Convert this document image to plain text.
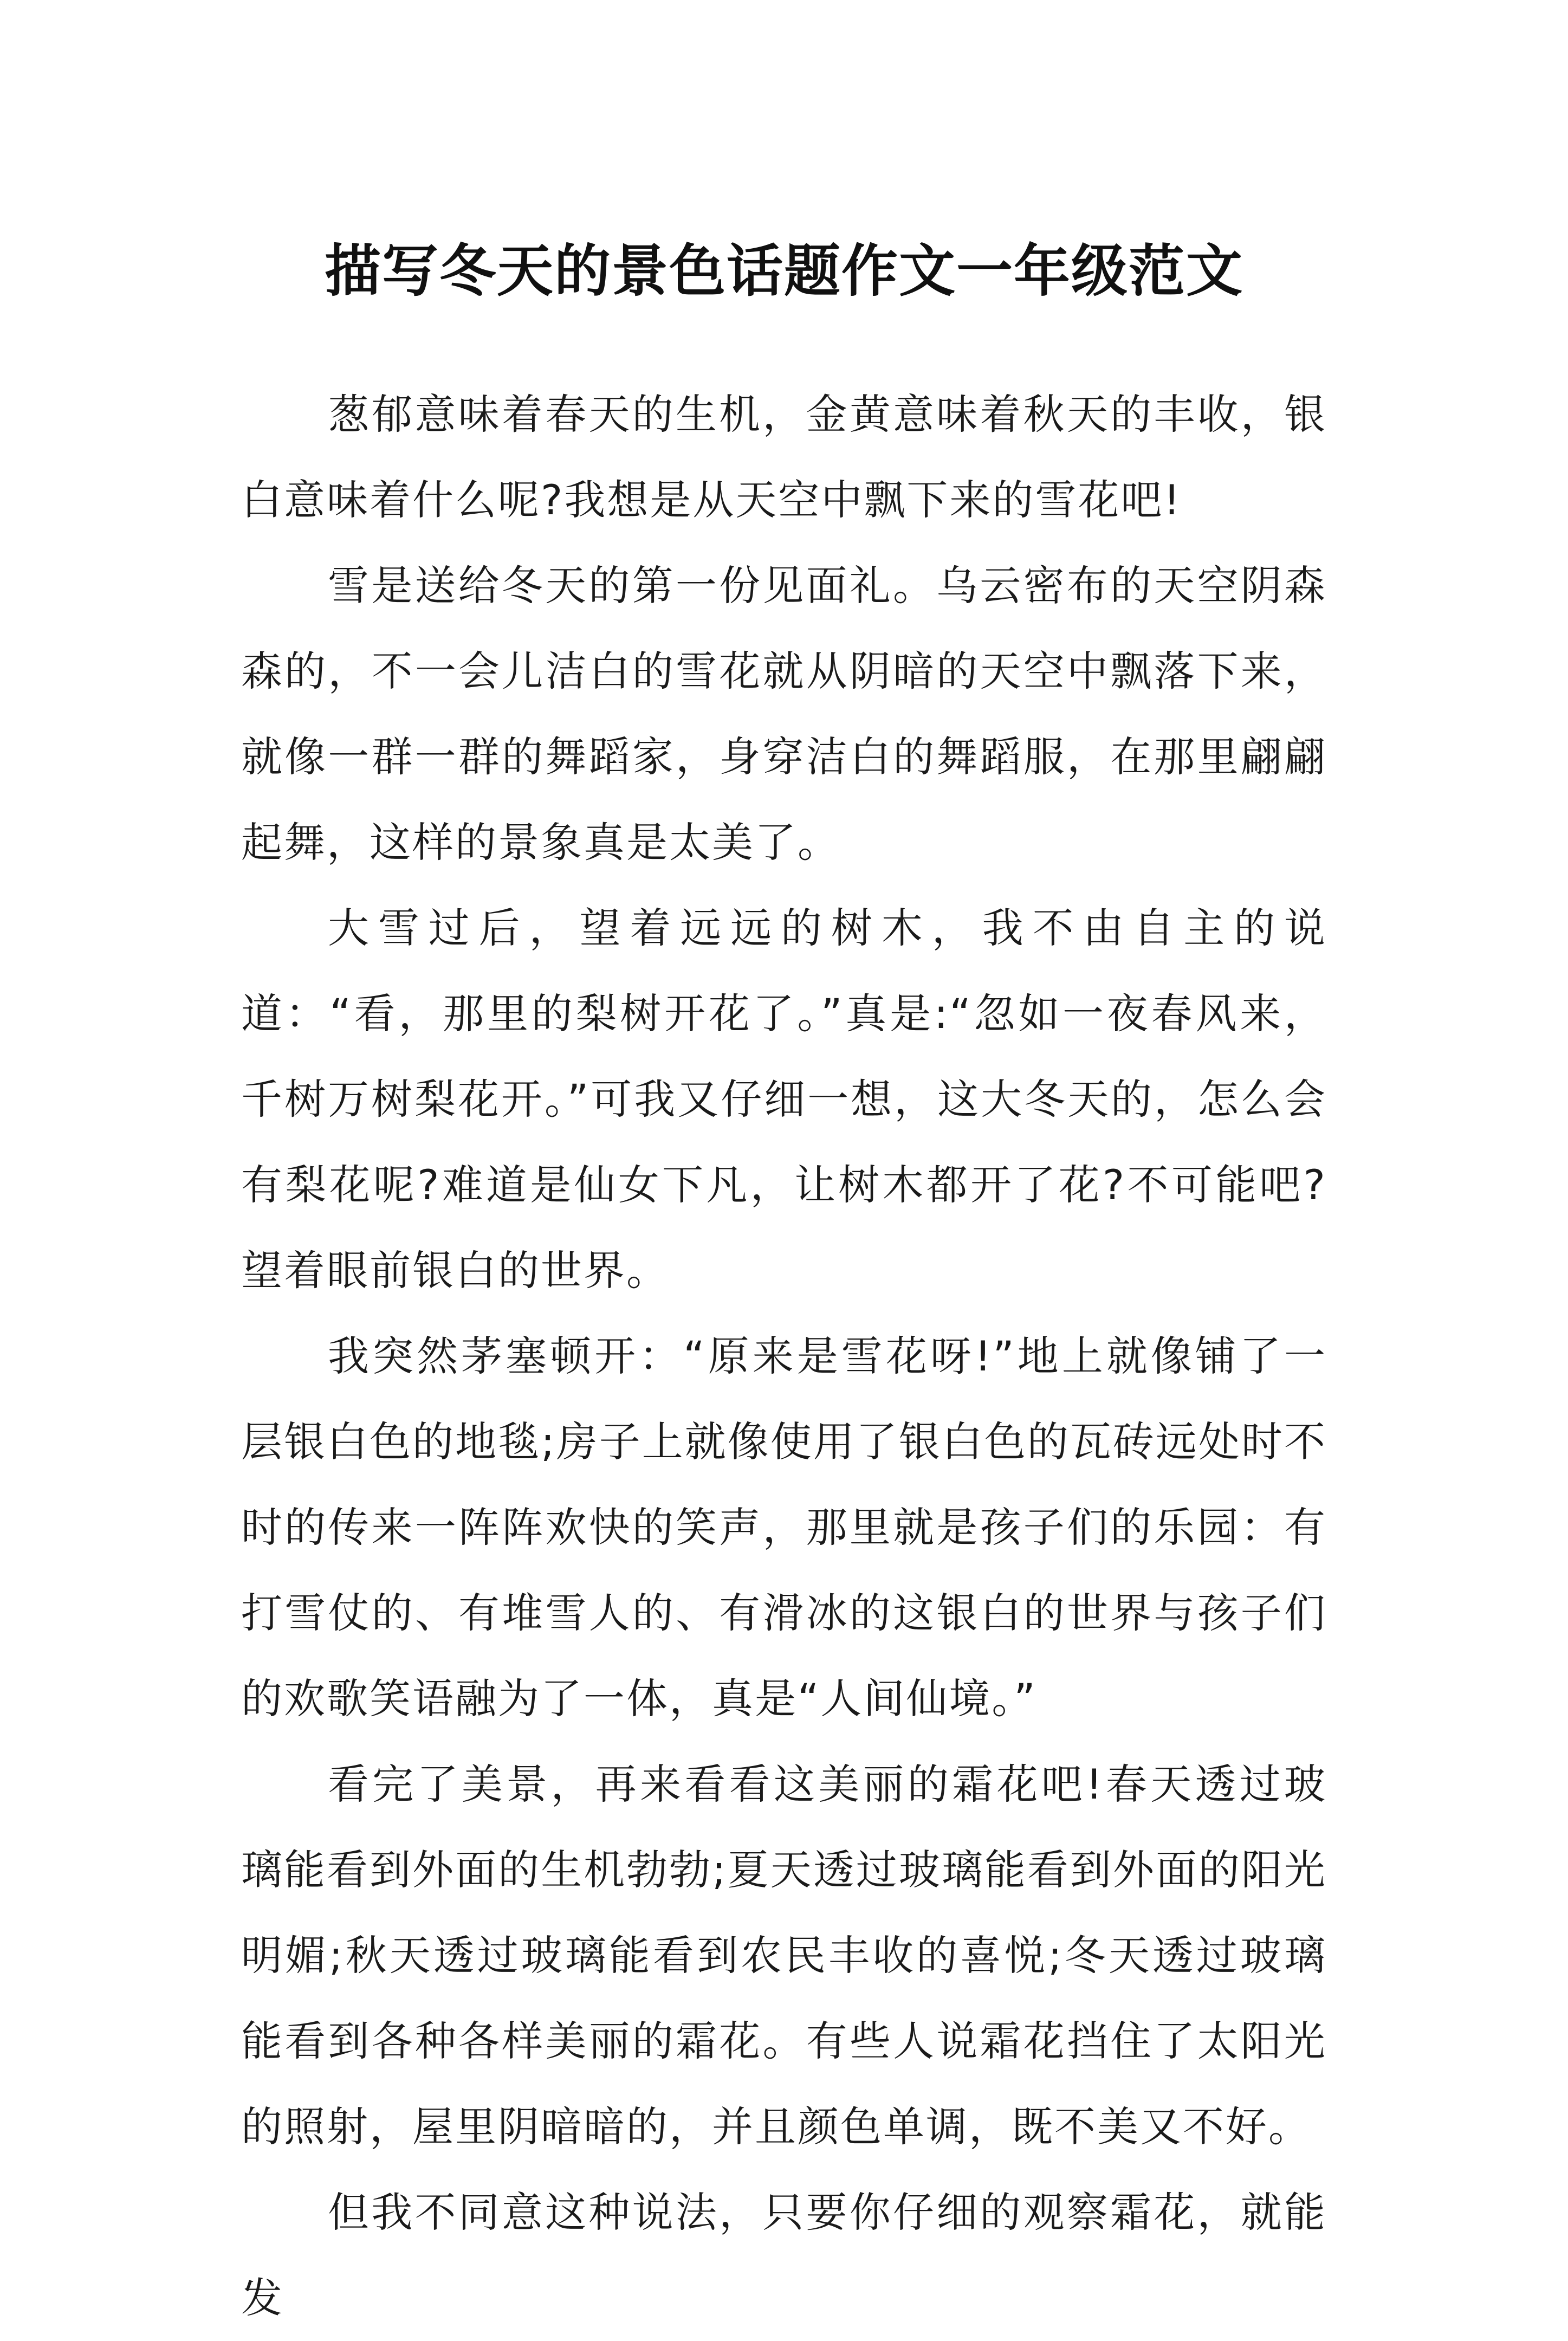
描写冬天的景色话题作文一年级范文

葱郁意味着春天的生机，金黄意味着秋天的丰收，银白意味着什么呢?我想是从天空中飘下来的雪花吧!

雪是送给冬天的第一份见面礼。乌云密布的天空阴森森的，不一会儿洁白的雪花就从阴暗的天空中飘落下来，就像一群一群的舞蹈家，身穿洁白的舞蹈服，在那里翩翩起舞，这样的景象真是太美了。

大雪过后，望着远远的树木，我不由自主的说道：“看，那里的梨树开花了。”真是:“忽如一夜春风来，千树万树梨花开。”可我又仔细一想，这大冬天的，怎么会有梨花呢?难道是仙女下凡，让树木都开了花?不可能吧?望着眼前银白的世界。

我突然茅塞顿开：“原来是雪花呀!”地上就像铺了一层银白色的地毯;房子上就像使用了银白色的瓦砖远处时不时的传来一阵阵欢快的笑声，那里就是孩子们的乐园：有打雪仗的、有堆雪人的、有滑冰的这银白的世界与孩子们的欢歌笑语融为了一体，真是“人间仙境。”

看完了美景，再来看看这美丽的霜花吧!春天透过玻璃能看到外面的生机勃勃;夏天透过玻璃能看到外面的阳光明媚;秋天透过玻璃能看到农民丰收的喜悦;冬天透过玻璃能看到各种各样美丽的霜花。有些人说霜花挡住了太阳光的照射，屋里阴暗暗的，并且颜色单调，既不美又不好。

但我不同意这种说法，只要你仔细的观察霜花，就能发
